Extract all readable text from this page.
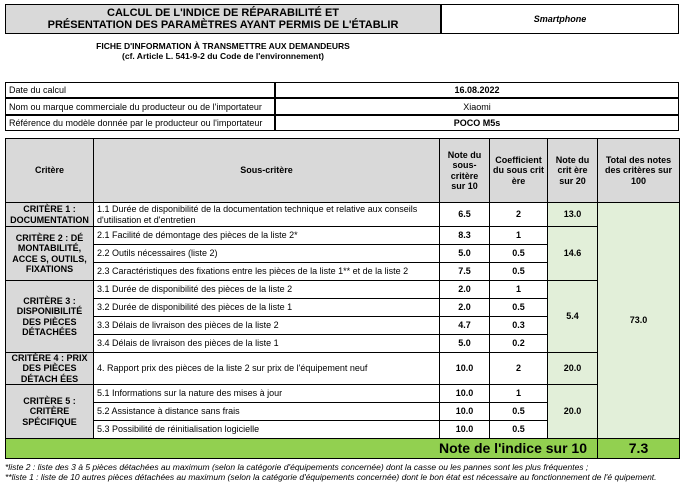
CALCUL DE L'INDICE DE RÉPARABILITÉ ET
PRÉSENTATION DES PARAMÈTRES AYANT PERMIS DE L'ÉTABLIR	Smartphone
FICHE D'INFORMATION À TRANSMETTRE AUX DEMANDEURS
(cf. Article L. 541-9-2 du Code de l'environnement)
Date du calcul	16.08.2022
Nom ou marque commerciale du producteur ou de l'importateur	Xiaomi
Référence du modèle donnée par le producteur ou l'importateur	POCO M5s
Critère	Sous-critère	Note du sous-critère sur 10	Coefficient du sous crit ère	Note du crit ère sur 20	Total des notes des critères sur 100
CRITÈRE 1 : DOCUMENTATION	1.1 Durée de disponibilité de la documentation technique et relative aux conseils d'utilisation et d'entretien	6.5	2	13.0	73.0
CRITÈRE 2 : DÉ MONTABILITÉ, ACCE S, OUTILS, FIXATIONS	2.1 Facilité de démontage des pièces de la liste 2*	8.3	1	14.6	
	2.2 Outils nécessaires (liste 2)	5.0	0.5		
	2.3 Caractéristiques des fixations entre les pièces de la liste 1** et de la liste 2	7.5	0.5		
CRITÈRE 3 : DISPONIBILITÉ DES PIÈCES DÉTACHÉES	3.1 Durée de disponibilité des pièces de la liste 2	2.0	1	5.4	
	3.2 Durée de disponibilité des pièces de la liste 1	2.0	0.5		
	3.3 Délais de livraison des pièces de la liste 2	4.7	0.3		
	3.4 Délais de livraison des pièces de la liste 1	5.0	0.2		
CRITÈRE 4 : PRIX DES PIÈCES DÉTACH ÉES	4. Rapport prix des pièces de la liste 2 sur prix de l'équipement neuf	10.0	2	20.0	
CRITÈRE 5 : CRITÈRE SPÉCIFIQUE	5.1 Informations sur la nature des mises à jour	10.0	1	20.0	
	5.2 Assistance à distance sans frais	10.0	0.5		
	5.3 Possibilité de réinitialisation logicielle	10.0	0.5		
Note de l'indice sur 10					7.3
*liste 2 : liste des 3 à 5 pièces détachées au maximum (selon la catégorie d'équipements concernée) dont la casse ou les pannes sont les plus fréquentes ;
**liste 1 : liste de 10 autres pièces détachées au maximum (selon la catégorie d'équipements concernée) dont le bon état est nécessaire au fonctionnement de l'é quipement.
